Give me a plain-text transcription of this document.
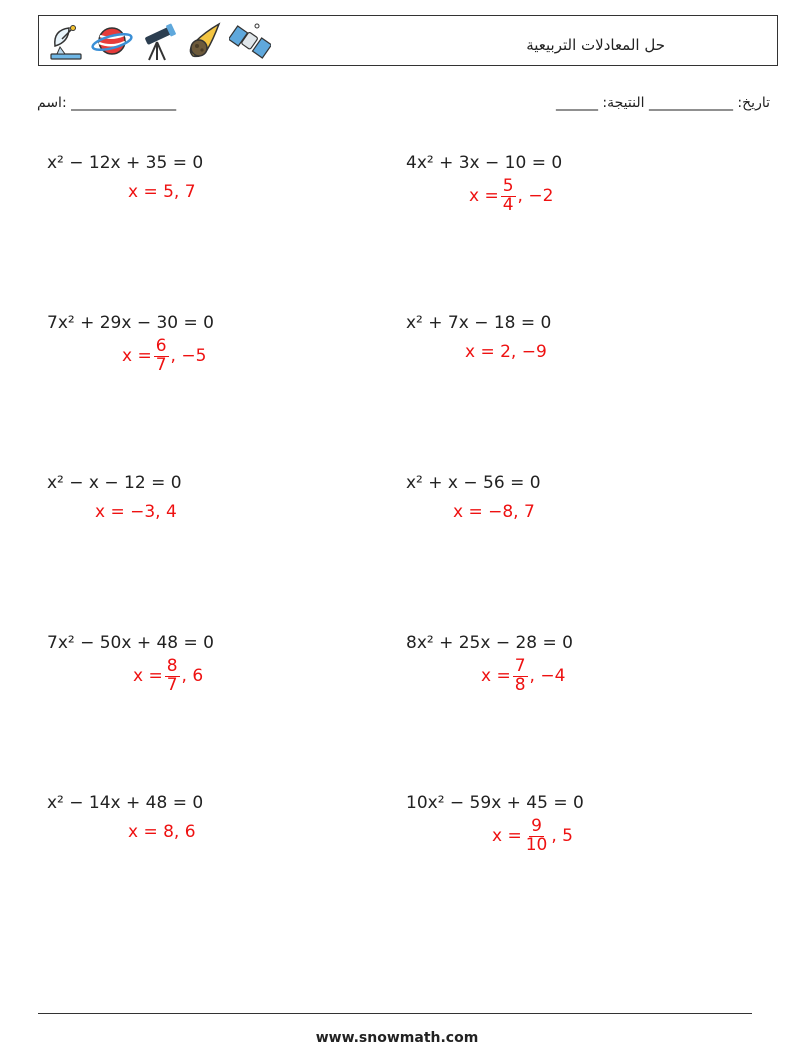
حل المعادلات التربيعية
اسم: _______________	______ :تاريخ: ____________ النتيجة
x² − 12x + 35 = 0
x = 5, 7
4x² + 3x − 10 = 0
$x = \frac{5}{4}$ , −2
7x² + 29x − 30 = 0
$x = \frac{6}{7}$ , −5
x² + 7x − 18 = 0
x = 2, −9
x² − x − 12 = 0
x = −3, 4
x² + x − 56 = 0
x = −8, 7
7x² − 50x + 48 = 0
$x = \frac{8}{7}$ , 6
8x² + 25x − 28 = 0
$x = \frac{7}{8}$ , −4
x² − 14x + 48 = 0
x = 8, 6
10x² − 59x + 45 = 0
$x = \frac{9}{10}$ , 5
www.snowmath.com
